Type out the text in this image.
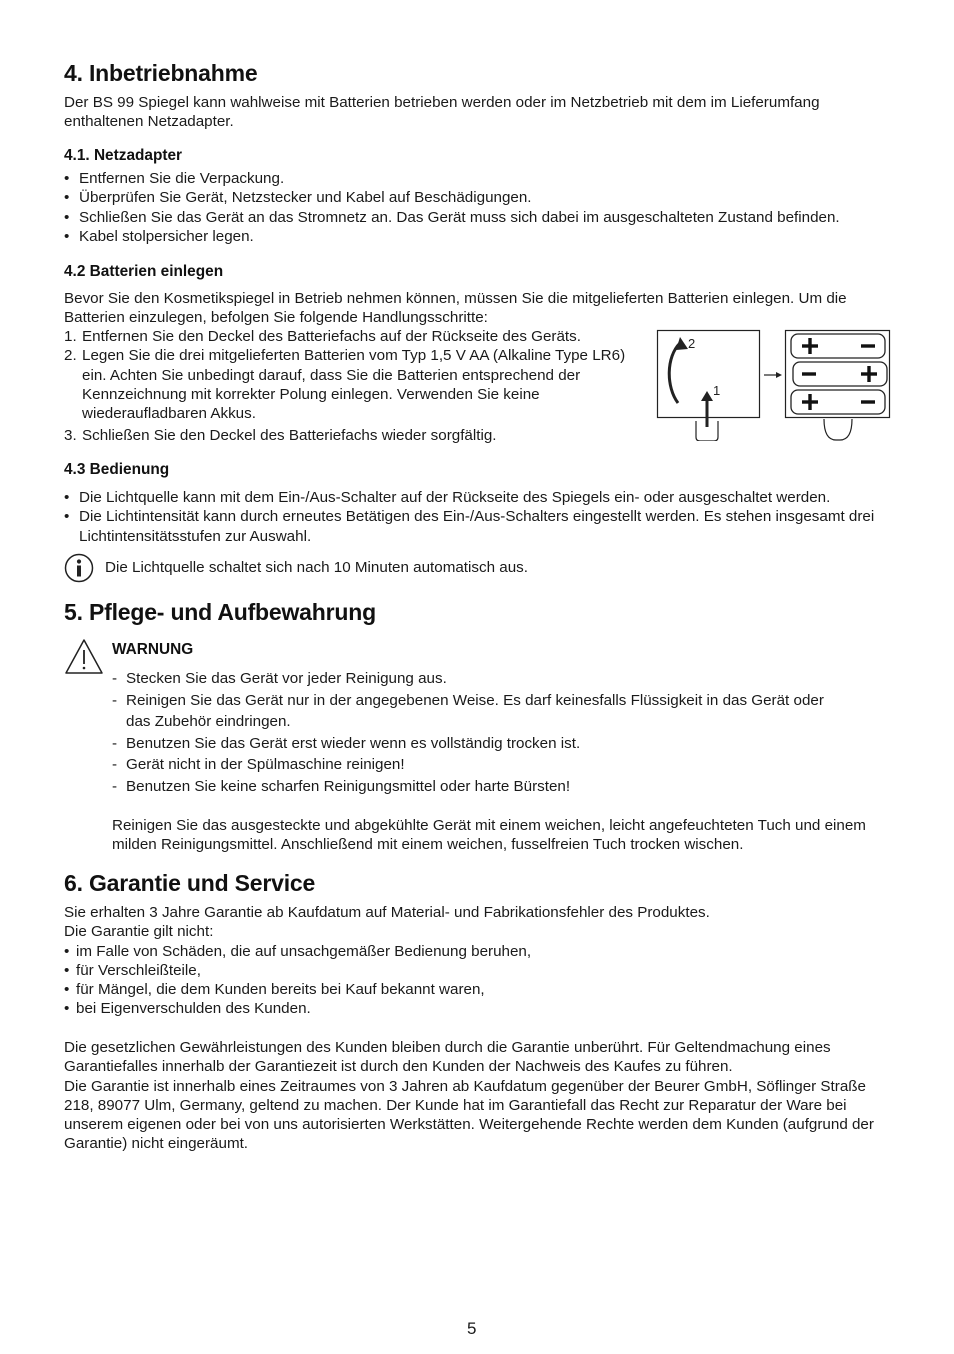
4. Inbetriebnahme

Der BS 99 Spiegel kann wahlweise mit Batterien betrieben werden oder im Netzbetrieb mit dem im Lieferumfang enthaltenen Netzadapter.

4.1. Netzadapter
• Entfernen Sie die Verpackung.
• Überprüfen Sie Gerät, Netzstecker und Kabel auf Beschädigungen.
• Schließen Sie das Gerät an das Stromnetz an. Das Gerät muss sich dabei im ausgeschalteten Zustand befinden.
• Kabel stolpersicher legen.
4.2 Batterien einlegen

Bevor Sie den Kosmetikspiegel in Betrieb nehmen können, müssen Sie die mitgelieferten Batterien einlegen. Um die Batterien einzulegen, befolgen Sie folgende Handlungsschritte:

1. Entfernen Sie den Deckel des Batteriefachs auf der Rückseite des Geräts.
2. Legen Sie die drei mitgelieferten Batterien vom Typ 1,5 V AA (Alkaline Type LR6) ein. Achten Sie unbedingt darauf, dass Sie die Batterien entsprechend der Kennzeichnung mit korrekter Polung einlegen. Verwenden Sie keine wiederaufladbaren Akkus.
3. Schließen Sie den Deckel des Batteriefachs wieder sorgfältig.
2
1
4.3 Bedienung
• Die Lichtquelle kann mit dem Ein-/Aus-Schalter auf der Rückseite des Spiegels ein- oder ausgeschaltet werden.
• Die Lichtintensität kann durch erneutes Betätigen des Ein-/Aus-Schalters eingestellt werden. Es stehen insgesamt drei Lichtintensitätsstufen zur Auswahl.

Die Lichtquelle schaltet sich nach 10 Minuten automatisch aus.

5. Pflege- und Aufbewahrung
WARNUNG
- Stecken Sie das Gerät vor jeder Reinigung aus.
- Reinigen Sie das Gerät nur in der angegebenen Weise. Es darf keinesfalls Flüssigkeit in das Gerät oder das Zubehör eindringen.
- Benutzen Sie das Gerät erst wieder wenn es vollständig trocken ist.
- Gerät nicht in der Spülmaschine reinigen!
- Benutzen Sie keine scharfen Reinigungsmittel oder harte Bürsten!

Reinigen Sie das ausgesteckte und abgekühlte Gerät mit einem weichen, leicht angefeuchteten Tuch und einem milden Reinigungsmittel. Anschließend mit einem weichen, fusselfreien Tuch trocken wischen.

6. Garantie und Service

Sie erhalten 3 Jahre Garantie ab Kaufdatum auf Material- und Fabrikationsfehler des Produktes.

Die Garantie gilt nicht:

• im Falle von Schäden, die auf unsachgemäßer Bedienung beruhen,
• für Verschleißteile,
• für Mängel, die dem Kunden bereits bei Kauf bekannt waren,
• bei Eigenverschulden des Kunden.

Die gesetzlichen Gewährleistungen des Kunden bleiben durch die Garantie unberührt. Für Geltendmachung eines Garantiefalles innerhalb der Garantiezeit ist durch den Kunden der Nachweis des Kaufes zu führen.

Die Garantie ist innerhalb eines Zeitraumes von 3 Jahren ab Kaufdatum gegenüber der Beurer GmbH, Söflinger Straße 218, 89077 Ulm, Germany, geltend zu machen. Der Kunde hat im Garantiefall das Recht zur Reparatur der Ware bei unserem eigenen oder bei von uns autorisierten Werkstätten. Weitergehende Rechte werden dem Kunden (aufgrund der Garantie) nicht eingeräumt.

5
